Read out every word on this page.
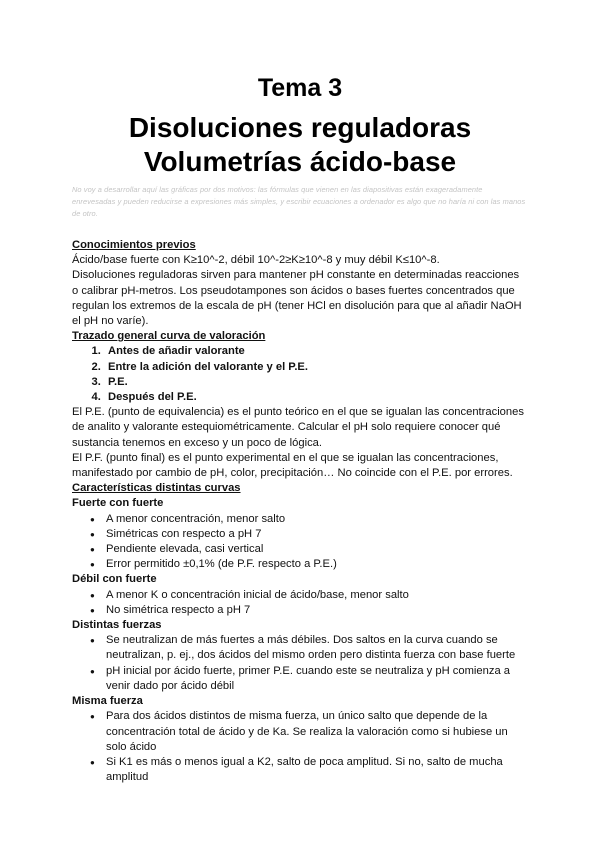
Tema 3
Disoluciones reguladoras
Volumetrías ácido-base
No voy a desarrollar aquí las gráficas por dos motivos: las fórmulas que vienen en las diapositivas están exageradamente enrevesadas y pueden reducirse a expresiones más simples, y escribir ecuaciones a ordenador es algo que no haría ni con las manos de otro.

Conocimientos previos

Ácido/base fuerte con K≥10^-2, débil 10^-2≥K≥10^-8 y muy débil K≤10^-8.

Disoluciones reguladoras sirven para mantener pH constante en determinadas reacciones o calibrar pH-metros. Los pseudotampones son ácidos o bases fuertes concentrados que regulan los extremos de la escala de pH (tener HCl en disolución para que al añadir NaOH el pH no varíe).

Trazado general curva de valoración

1. Antes de añadir valorante
2. Entre la adición del valorante y el P.E.
3. P.E.
4. Después del P.E.

El P.E. (punto de equivalencia) es el punto teórico en el que se igualan las concentraciones de analito y valorante estequiométricamente. Calcular el pH solo requiere conocer qué sustancia tenemos en exceso y un poco de lógica.

El P.F. (punto final) es el punto experimental en el que se igualan las concentraciones, manifestado por cambio de pH, color, precipitación… No coincide con el P.E. por errores.

Características distintas curvas

Fuerte con fuerte

● A menor concentración, menor salto
● Simétricas con respecto a pH 7
● Pendiente elevada, casi vertical
● Error permitido ±0,1% (de P.F. respecto a P.E.)

Débil con fuerte

● A menor K o concentración inicial de ácido/base, menor salto
● No simétrica respecto a pH 7

Distintas fuerzas

● Se neutralizan de más fuertes a más débiles. Dos saltos en la curva cuando se neutralizan, p. ej., dos ácidos del mismo orden pero distinta fuerza con base fuerte
● pH inicial por ácido fuerte, primer P.E. cuando este se neutraliza y pH comienza a venir dado por ácido débil

Misma fuerza

● Para dos ácidos distintos de misma fuerza, un único salto que depende de la concentración total de ácido y de Ka. Se realiza la valoración como si hubiese un solo ácido
● Si K1 es más o menos igual a K2, salto de poca amplitud. Si no, salto de mucha amplitud
